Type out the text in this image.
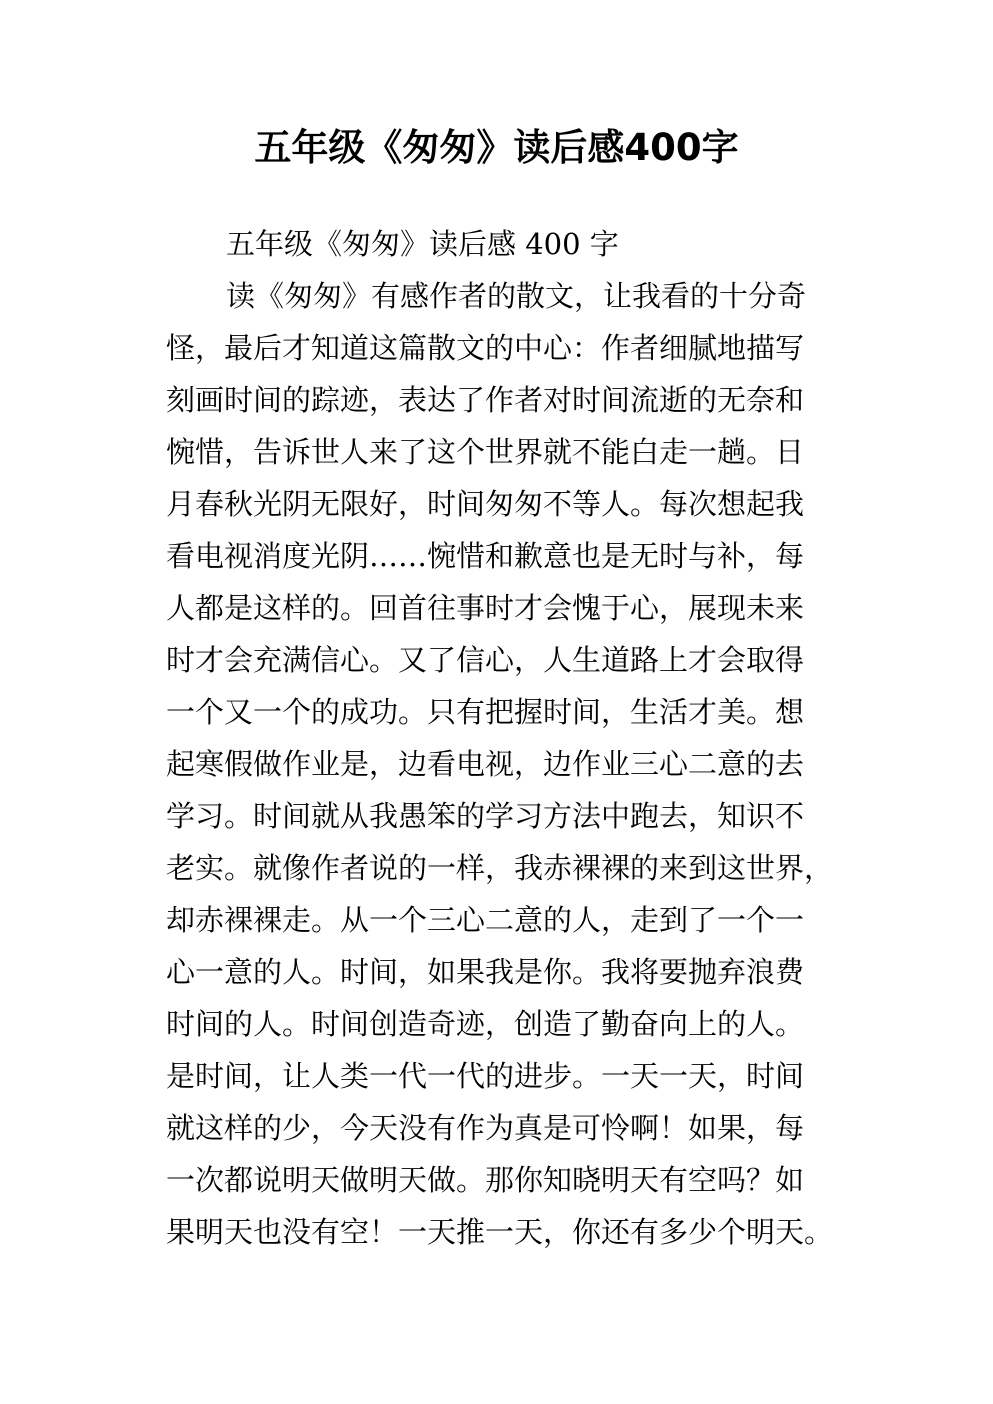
五年级《匆匆》读后感400字

五年级《匆匆》读后感 400 字

读《匆匆》有感作者的散文，让我看的十分奇

怪，最后才知道这篇散文的中心：作者细腻地描写

刻画时间的踪迹，表达了作者对时间流逝的无奈和

惋惜，告诉世人来了这个世界就不能白走一趟。日

月春秋光阴无限好，时间匆匆不等人。每次想起我

看电视消度光阴……惋惜和歉意也是无时与补，每

人都是这样的。回首往事时才会愧于心，展现未来

时才会充满信心。又了信心，人生道路上才会取得

一个又一个的成功。只有把握时间，生活才美。想

起寒假做作业是，边看电视，边作业三心二意的去

学习。时间就从我愚笨的学习方法中跑去，知识不

老实。就像作者说的一样，我赤裸裸的来到这世界，

却赤裸裸走。从一个三心二意的人，走到了一个一

心一意的人。时间，如果我是你。我将要抛弃浪费

时间的人。时间创造奇迹，创造了勤奋向上的人。

是时间，让人类一代一代的进步。一天一天，时间

就这样的少，今天没有作为真是可怜啊！如果，每

一次都说明天做明天做。那你知晓明天有空吗？如

果明天也没有空！一天推一天，你还有多少个明天。
